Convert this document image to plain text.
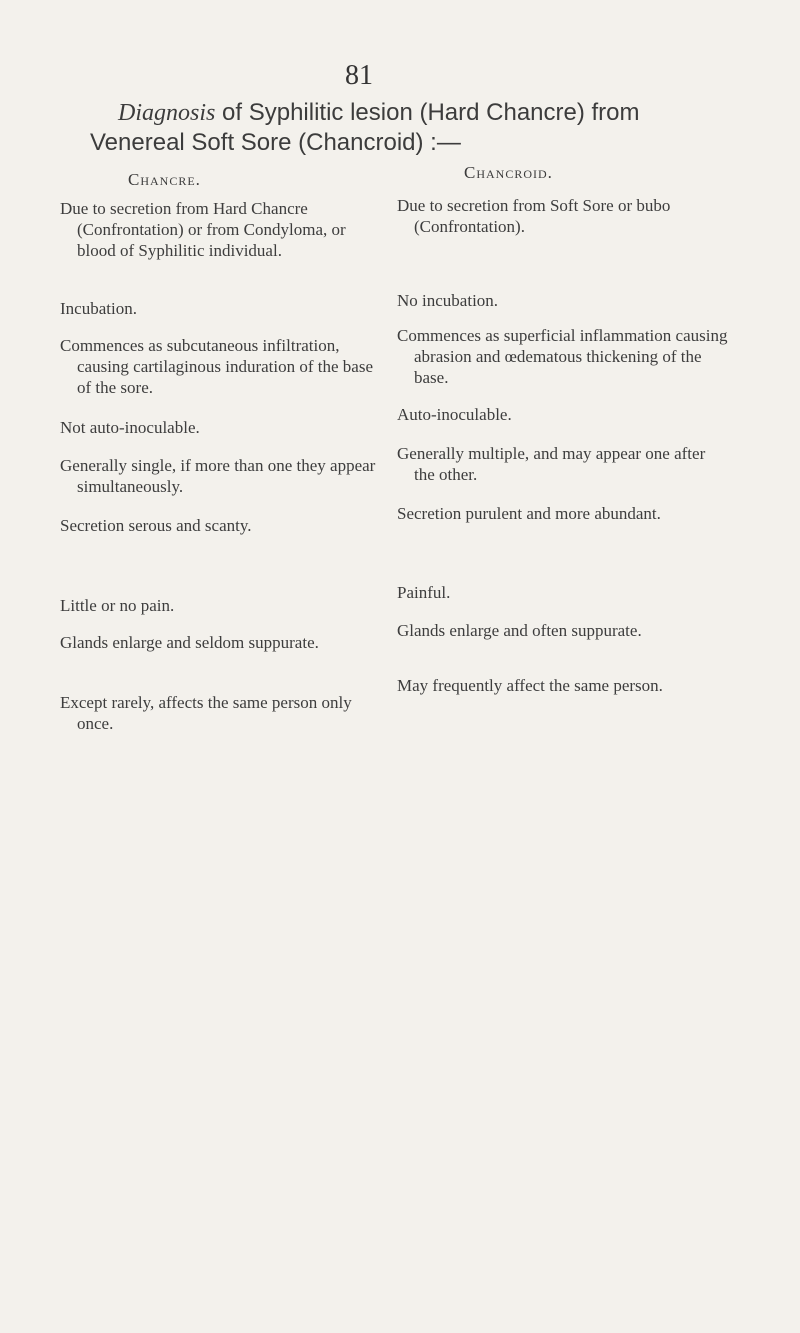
81
Diagnosis of Syphilitic lesion (Hard Chancre) from
Venereal Soft Sore (Chancroid) :—
Chancre.
Due to secretion from Hard Chancre (Confrontation) or from Condyloma, or blood of Syphilitic individual.
Incubation.
Commences as subcutaneous infiltration, causing cartilaginous induration of the base of the sore.
Not auto-inoculable.
Generally single, if more than one they appear simultaneously.
Secretion serous and scanty.
Little or no pain.
Glands enlarge and seldom suppurate.
Except rarely, affects the same person only once.
Chancroid.
Due to secretion from Soft Sore or bubo (Confrontation).
No incubation.
Commences as superficial inflammation causing abrasion and œdematous thickening of the base.
Auto-inoculable.
Generally multiple, and may appear one after the other.
Secretion purulent and more abundant.
Painful.
Glands enlarge and often suppurate.
May frequently affect the same person.
